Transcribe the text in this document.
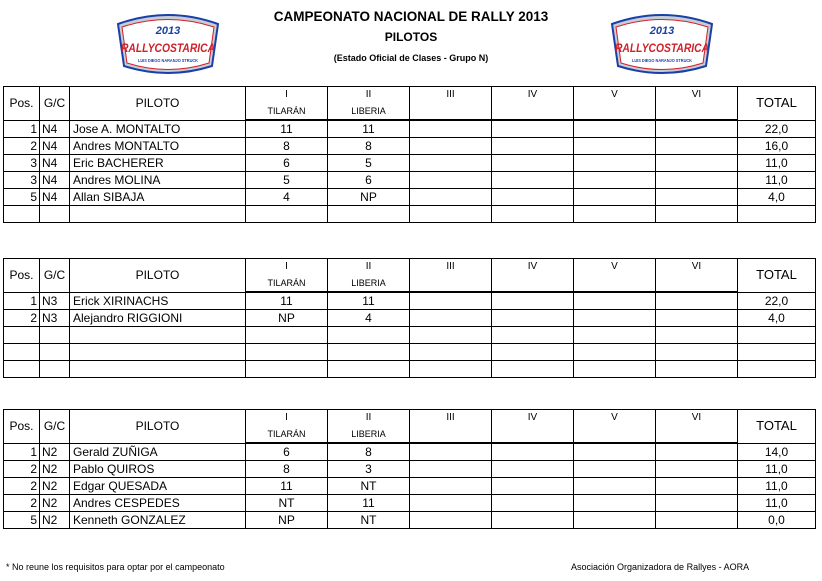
CAMPEONATO NACIONAL DE RALLY 2013
PILOTOS
(Estado Oficial de Clases - Grupo N)
2013
RALLYCOSTARICA
LUIS DIEGO NARANJO STRUCK
2013
RALLYCOSTARICA
LUIS DIEGO NARANJO STRUCK
Pos.	G/C	PILOTO	I	II	III	IV	V	VI	TOTAL
			TILARÁN	LIBERIA					
1	N4	Jose A. MONTALTO	11	11					22,0
2	N4	Andres MONTALTO	8	8					16,0
3	N4	Eric BACHERER	6	5					11,0
3	N4	Andres MOLINA	5	6					11,0
5	N4	Allan SIBAJA	4	NP					4,0

Pos.	G/C	PILOTO	I	II	III	IV	V	VI	TOTAL
			TILARÁN	LIBERIA					
1	N3	Erick XIRINACHS	11	11					22,0
2	N3	Alejandro RIGGIONI	NP	4					4,0

Pos.	G/C	PILOTO	I	II	III	IV	V	VI	TOTAL
			TILARÁN	LIBERIA					
1	N2	Gerald ZUÑIGA	6	8					14,0
2	N2	Pablo QUIROS	8	3					11,0
2	N2	Edgar QUESADA	11	NT					11,0
2	N2	Andres CESPEDES	NT	11					11,0
5	N2	Kenneth GONZALEZ	NP	NT					0,0
* No reune los requisitos para optar por el campeonato	Asociación Organizadora de Rallyes - AORA
